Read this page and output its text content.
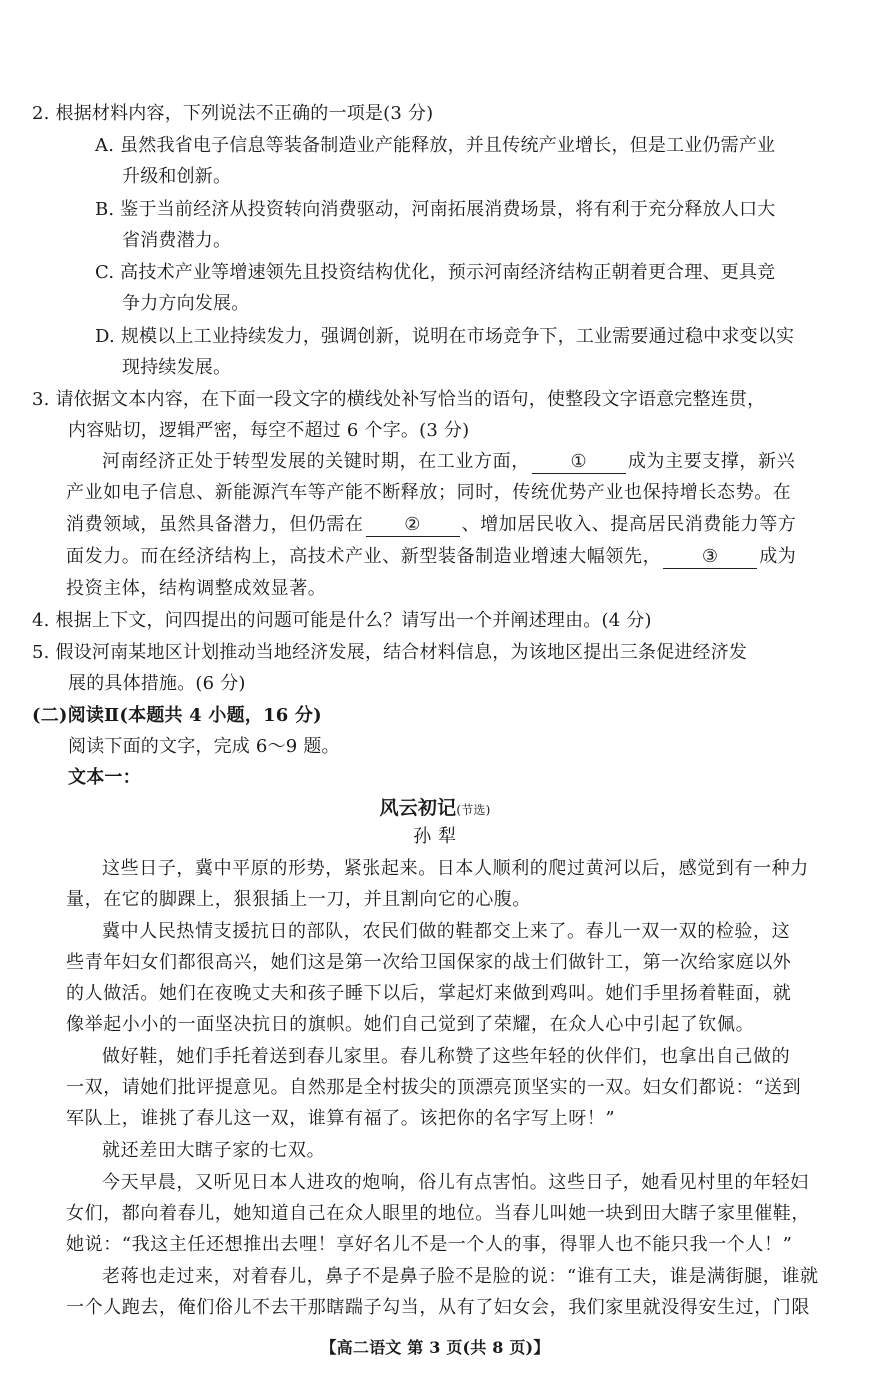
2. 根据材料内容，下列说法不正确的一项是(3 分)
A. 虽然我省电子信息等装备制造业产能释放，并且传统产业增长，但是工业仍需产业
升级和创新。
B. 鉴于当前经济从投资转向消费驱动，河南拓展消费场景，将有利于充分释放人口大
省消费潜力。
C. 高技术产业等增速领先且投资结构优化，预示河南经济结构正朝着更合理、更具竞
争力方向发展。
D. 规模以上工业持续发力，强调创新，说明在市场竞争下，工业需要通过稳中求变以实
现持续发展。
3. 请依据文本内容，在下面一段文字的横线处补写恰当的语句，使整段文字语意完整连贯，
内容贴切，逻辑严密，每空不超过 6 个字。(3 分)
河南经济正处于转型发展的关键时期，在工业方面， ① 成为主要支撑，新兴
产业如电子信息、新能源汽车等产能不断释放；同时，传统优势产业也保持增长态势。在
消费领域，虽然具备潜力，但仍需在 ② 、增加居民收入、提高居民消费能力等方
面发力。而在经济结构上，高技术产业、新型装备制造业增速大幅领先， ③ 成为
投资主体，结构调整成效显著。
4. 根据上下文，问四提出的问题可能是什么？请写出一个并阐述理由。(4 分)
5. 假设河南某地区计划推动当地经济发展，结合材料信息，为该地区提出三条促进经济发
展的具体措施。(6 分)
(二)阅读Ⅱ(本题共 4 小题，16 分)
阅读下面的文字，完成 6～9 题。
文本一：
风云初记(节选)
孙 犁
这些日子，冀中平原的形势，紧张起来。日本人顺利的爬过黄河以后，感觉到有一种力
量，在它的脚踝上，狠狠插上一刀，并且割向它的心腹。
冀中人民热情支援抗日的部队，农民们做的鞋都交上来了。春儿一双一双的检验，这
些青年妇女们都很高兴，她们这是第一次给卫国保家的战士们做针工，第一次给家庭以外
的人做活。她们在夜晚丈夫和孩子睡下以后，掌起灯来做到鸡叫。她们手里扬着鞋面，就
像举起小小的一面坚决抗日的旗帜。她们自己觉到了荣耀，在众人心中引起了钦佩。
做好鞋，她们手托着送到春儿家里。春儿称赞了这些年轻的伙伴们，也拿出自己做的
一双，请她们批评提意见。自然那是全村拔尖的顶漂亮顶坚实的一双。妇女们都说：“送到
军队上，谁挑了春儿这一双，谁算有福了。该把你的名字写上呀！”
就还差田大瞎子家的七双。
今天早晨，又听见日本人进攻的炮响，俗儿有点害怕。这些日子，她看见村里的年轻妇
女们，都向着春儿，她知道自己在众人眼里的地位。当春儿叫她一块到田大瞎子家里催鞋，
她说：“我这主任还想推出去哩！享好名儿不是一个人的事，得罪人也不能只我一个人！”
老蒋也走过来，对着春儿，鼻子不是鼻子脸不是脸的说：“谁有工夫，谁是满街腿，谁就
一个人跑去，俺们俗儿不去干那瞎踹子勾当，从有了妇女会，我们家里就没得安生过，门限
【高二语文 第 3 页(共 8 页)】
